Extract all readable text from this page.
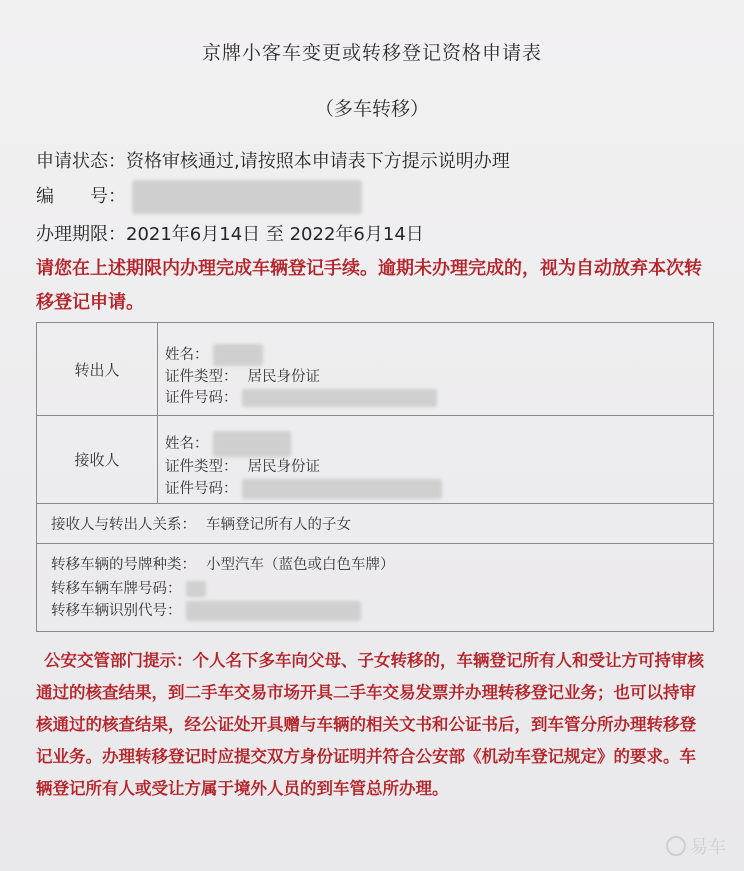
京牌小客车变更或转移登记资格申请表
（多车转移）
申请状态：资格审核通过,请按照本申请表下方提示说明办理
编　　号：
办理期限：2021年6月14日 至 2022年6月14日
请您在上述期限内办理完成车辆登记手续。逾期未办理完成的，视为自动放弃本次转移登记申请。
转出人
姓名：
证件类型： 居民身份证
证件号码：
接收人
姓名：
证件类型： 居民身份证
证件号码：
接收人与转出人关系： 车辆登记所有人的子女
转移车辆的号牌种类： 小型汽车（蓝色或白色车牌）
转移车辆车牌号码：
转移车辆识别代号：
公安交管部门提示：个人名下多车向父母、子女转移的，车辆登记所有人和受让方可持审核通过的核查结果，到二手车交易市场开具二手车交易发票并办理转移登记业务；也可以持审核通过的核查结果，经公证处开具赠与车辆的相关文书和公证书后，到车管分所办理转移登记业务。办理转移登记时应提交双方身份证明并符合公安部《机动车登记规定》的要求。车辆登记所有人或受让方属于境外人员的到车管总所办理。
易车
